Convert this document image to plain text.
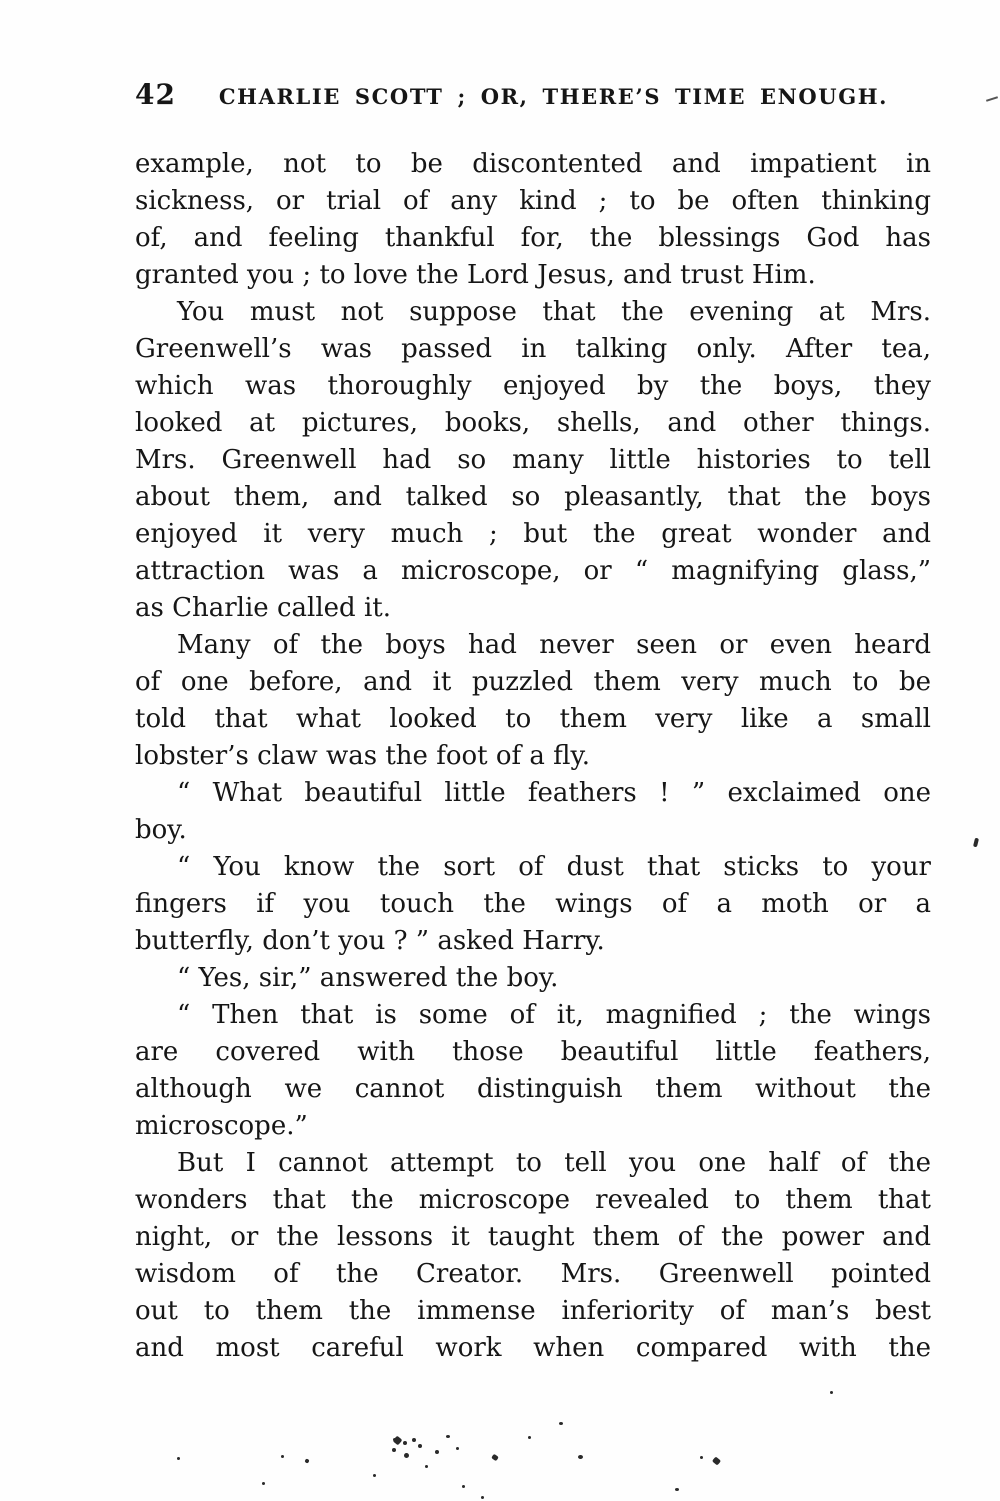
42	CHARLIE SCOTT ; OR, THERE’S TIME ENOUGH.
example, not to be discontented and impatient in
sickness, or trial of any kind ; to be often thinking
of, and feeling thankful for, the blessings God has
granted you ; to love the Lord Jesus, and trust Him.
You must not suppose that the evening at Mrs.
Greenwell’s was passed in talking only. After tea,
which was thoroughly enjoyed by the boys, they
looked at pictures, books, shells, and other things.
Mrs. Greenwell had so many little histories to tell
about them, and talked so pleasantly, that the boys
enjoyed it very much ; but the great wonder and
attraction was a microscope, or “ magnifying glass,”
as Charlie called it.
Many of the boys had never seen or even heard
of one before, and it puzzled them very much to be
told that what looked to them very like a small
lobster’s claw was the foot of a fly.
“ What beautiful little feathers ! ” exclaimed one
boy.
“ You know the sort of dust that sticks to your
fingers if you touch the wings of a moth or a
butterfly, don’t you ? ” asked Harry.
“ Yes, sir,” answered the boy.
“ Then that is some of it, magnified ; the wings
are covered with those beautiful little feathers,
although we cannot distinguish them without the
microscope.”
But I cannot attempt to tell you one half of the
wonders that the microscope revealed to them that
night, or the lessons it taught them of the power and
wisdom of the Creator. Mrs. Greenwell pointed
out to them the immense inferiority of man’s best
and most careful work when compared with the
